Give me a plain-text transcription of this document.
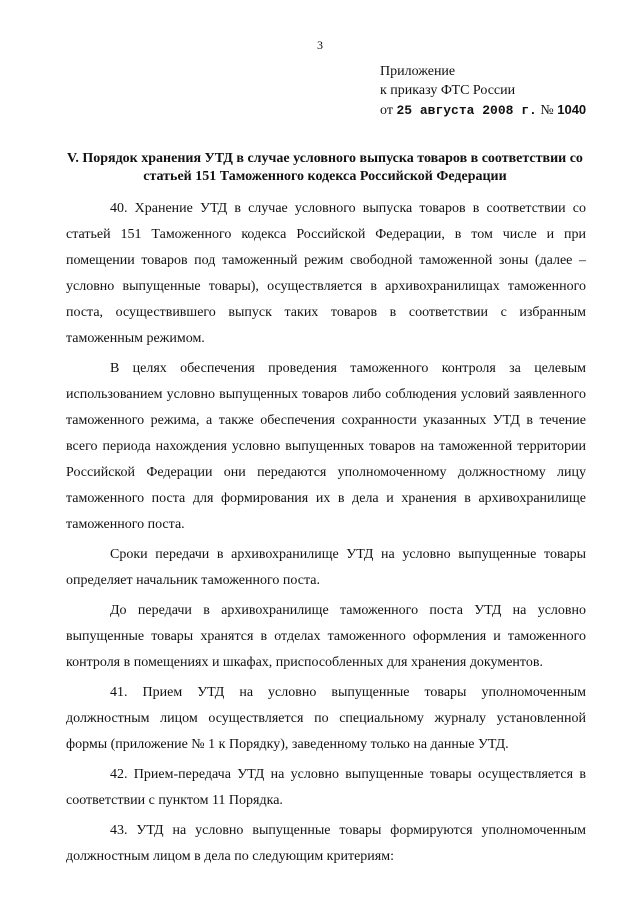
3
Приложение
к приказу ФТС России
от 25 августа 2008 г. № 1040
V. Порядок хранения УТД в случае условного выпуска товаров в соответствии со статьей 151 Таможенного кодекса Российской Федерации

40. Хранение УТД в случае условного выпуска товаров в соответствии со статьей 151 Таможенного кодекса Российской Федерации, в том числе и при помещении товаров под таможенный режим свободной таможенной зоны (далее – условно выпущенные товары), осуществляется в архивохранилищах таможенного поста, осуществившего выпуск таких товаров в соответствии с избранным таможенным режимом.

В целях обеспечения проведения таможенного контроля за целевым использованием условно выпущенных товаров либо соблюдения условий заявленного таможенного режима, а также обеспечения сохранности указанных УТД в течение всего периода нахождения условно выпущенных товаров на таможенной территории Российской Федерации они передаются уполномоченному должностному лицу таможенного поста для формирования их в дела и хранения в архивохранилище таможенного поста.

Сроки передачи в архивохранилище УТД на условно выпущенные товары определяет начальник таможенного поста.

До передачи в архивохранилище таможенного поста УТД на условно выпущенные товары хранятся в отделах таможенного оформления и таможенного контроля в помещениях и шкафах, приспособленных для хранения документов.

41. Прием УТД на условно выпущенные товары уполномоченным должностным лицом осуществляется по специальному журналу установленной формы (приложение № 1 к Порядку), заведенному только на данные УТД.

42. Прием-передача УТД на условно выпущенные товары осуществляется в соответствии с пунктом 11 Порядка.

43. УТД на условно выпущенные товары формируются уполномоченным должностным лицом в дела по следующим критериям:
